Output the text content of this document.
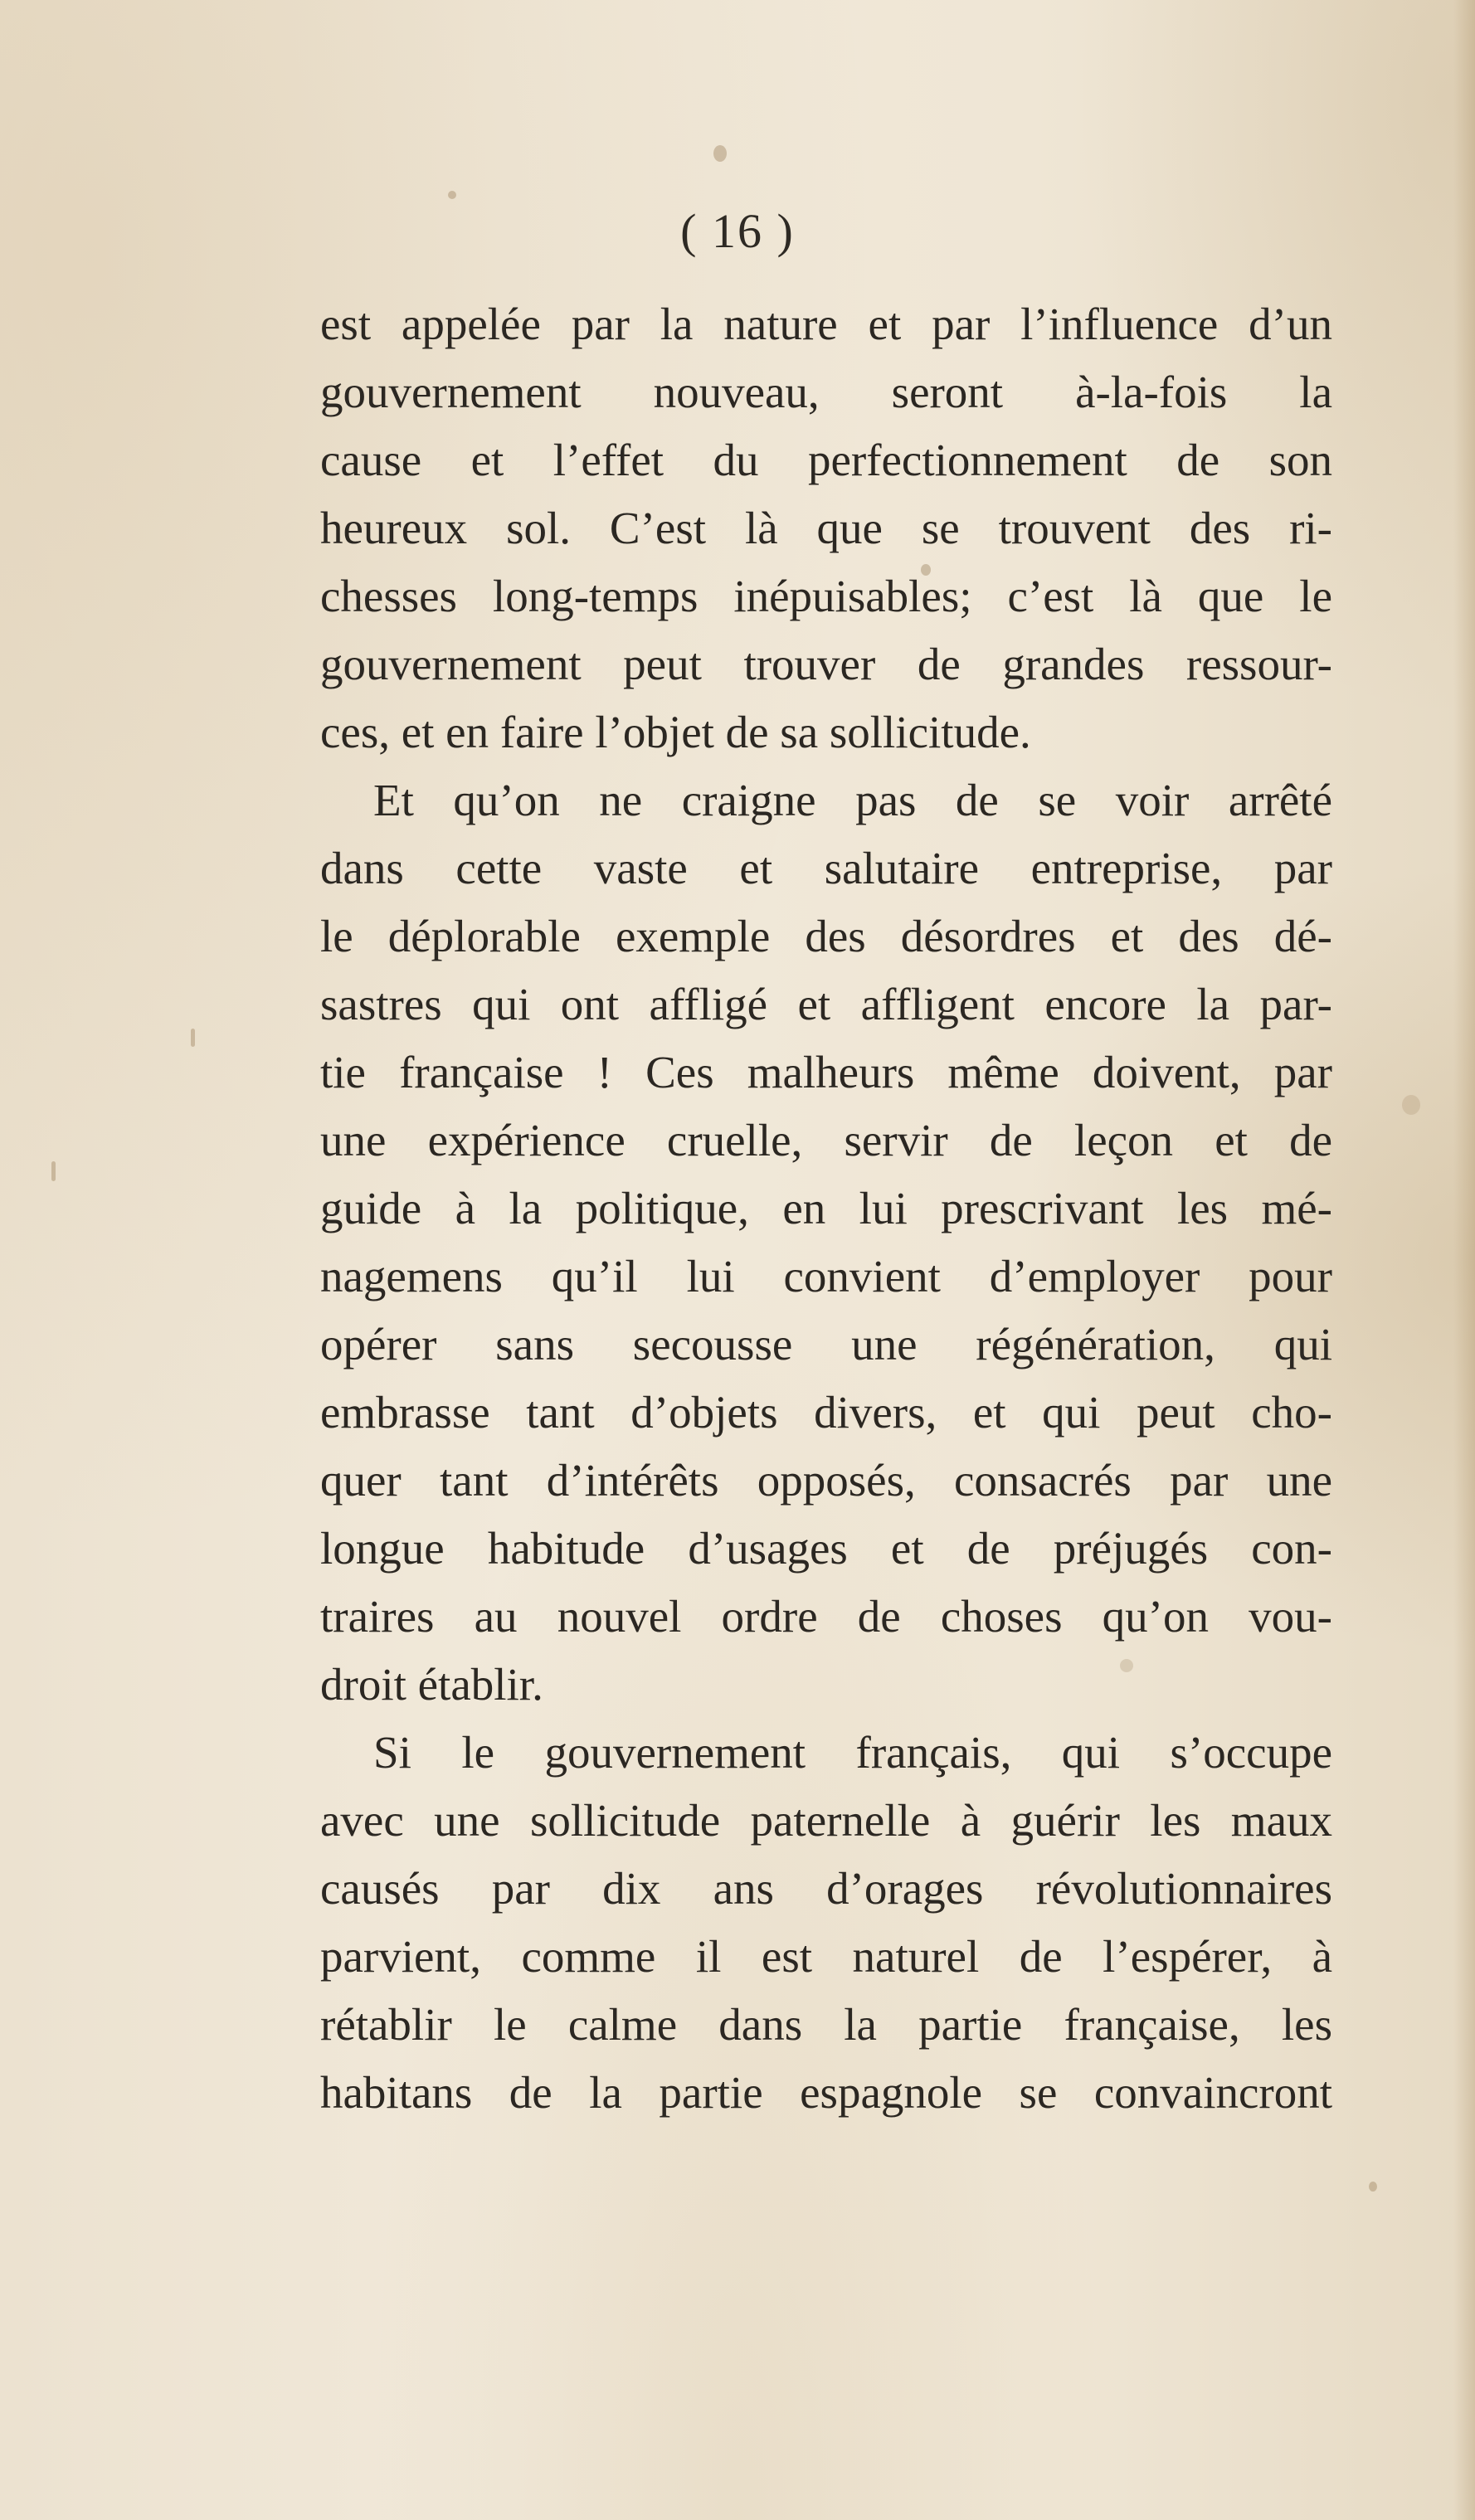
( 16 )
est appelée par la nature et par l’influence d’un
gouvernement nouveau, seront à-la-fois la
cause et l’effet du perfectionnement de son
heureux sol. C’est là que se trouvent des ri-
chesses long-temps inépuisables; c’est là que le
gouvernement peut trouver de grandes ressour-
ces, et en faire l’objet de sa sollicitude.
Et qu’on ne craigne pas de se voir arrêté
dans cette vaste et salutaire entreprise, par
le déplorable exemple des désordres et des dé-
sastres qui ont affligé et affligent encore la par-
tie française ! Ces malheurs même doivent, par
une expérience cruelle, servir de leçon et de
guide à la politique, en lui prescrivant les mé-
nagemens qu’il lui convient d’employer pour
opérer sans secousse une régénération, qui
embrasse tant d’objets divers, et qui peut cho-
quer tant d’intérêts opposés, consacrés par une
longue habitude d’usages et de préjugés con-
traires au nouvel ordre de choses qu’on vou-
droit établir.
Si le gouvernement français, qui s’occupe
avec une sollicitude paternelle à guérir les maux
causés par dix ans d’orages révolutionnaires
parvient, comme il est naturel de l’espérer, à
rétablir le calme dans la partie française, les
habitans de la partie espagnole se convaincront
